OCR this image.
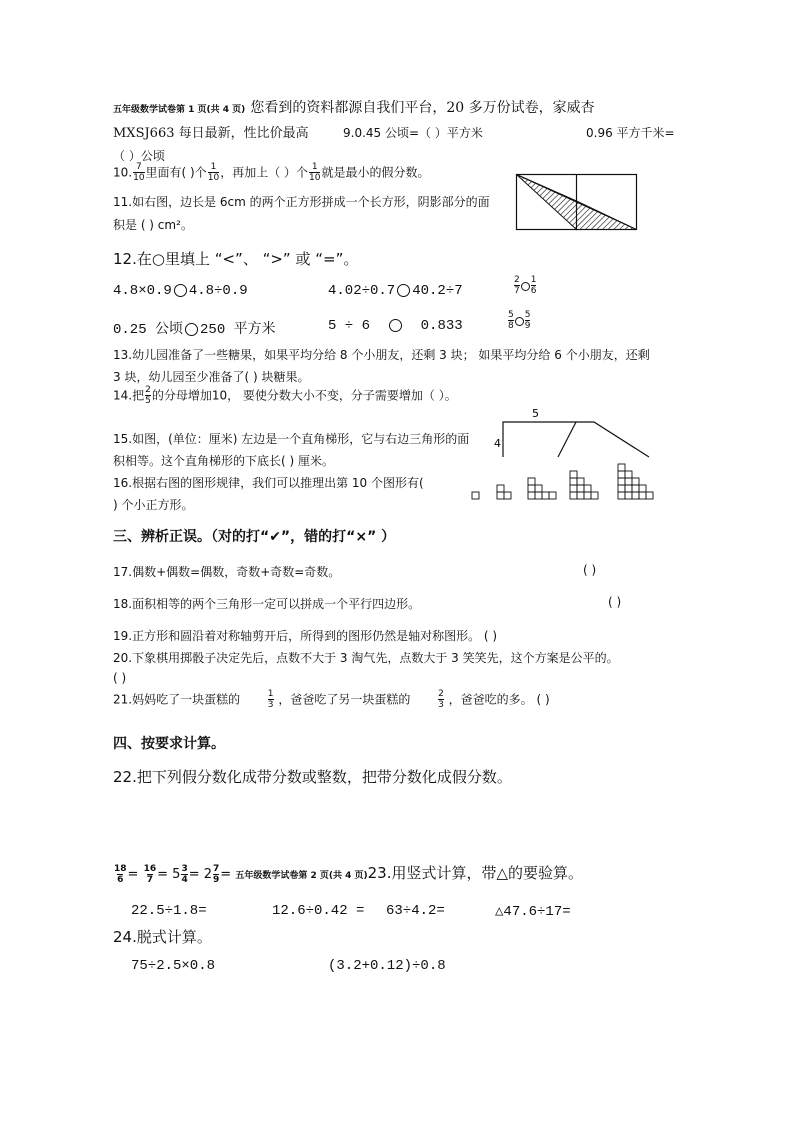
五年级数学试卷第 1 页(共 4 页) 您看到的资料都源自我们平台，20 多万份试卷，家威杏
MXSJ663 每日最新，性比价最高	9.0.45 公顷=（ ）平方米	0.96 平方千米=
（ ）公顷
10. $\frac{7}{10}$ 里面有( )个 $\frac{1}{10}$ ，再加上（ ）个 $\frac{1}{10}$ 就是最小的假分数。
11.如右图，边长是 6cm 的两个正方形拼成一个长方形，阴影部分的面
积是 ( ) cm²。
12.在○里填上 “<”、 “>” 或 “=”。
4.8×0.9 4.8÷0.9	4.02÷0.7 40.2÷7	$\frac{2}{7} \frac{1}{6}$
0.25 公顷 250 平方米	5 ÷ 6	0.833	$\frac{5}{8} \frac{5}{9}$
13.幼儿园准备了一些糖果，如果平均分给 8 个小朋友，还剩 3 块； 如果平均分给 6 个小朋友，还剩
3 块，幼儿园至少准备了( ) 块糖果。
14.把 $\frac{2}{5}$ 的分母增加10， 要使分数大小不变，分子需要增加（ ）。
5
4
15.如图，(单位：厘米) 左边是一个直角梯形，它与右边三角形的面
积相等。这个直角梯形的下底长( ) 厘米。
16.根据右图的图形规律，我们可以推理出第 10 个图形有(
) 个小正方形。
三、辨析正误。（对的打“✔”，错的打“×” ）
17.偶数+偶数=偶数，奇数+奇数=奇数。	( )
18.面积相等的两个三角形一定可以拼成一个平行四边形。	( )
19.正方形和圆沿着对称轴剪开后，所得到的图形仍然是轴对称图形。 ( )
20.下象棋用掷骰子决定先后，点数不大于 3 淘气先，点数大于 3 笑笑先，这个方案是公平的。
( )
21.妈妈吃了一块蛋糕的	$\frac{1}{3}$ ，爸爸吃了另一块蛋糕的	$\frac{2}{3}$ ，爸爸吃的多。 ( )
四、按要求计算。
22.把下列假分数化成带分数或整数，把带分数化成假分数。
$\frac{18}{6} = \frac{16}{7} = 5 \frac{3}{4} = 2 \frac{7}{9}$ = 五年级数学试卷第 2 页(共 4 页)23.用竖式计算，带△的要验算。
22.5÷1.8=	12.6÷0.42 = 63÷4.2=	△47.6÷17=
24.脱式计算。
75÷2.5×0.8	(3.2+0.12)÷0.8
